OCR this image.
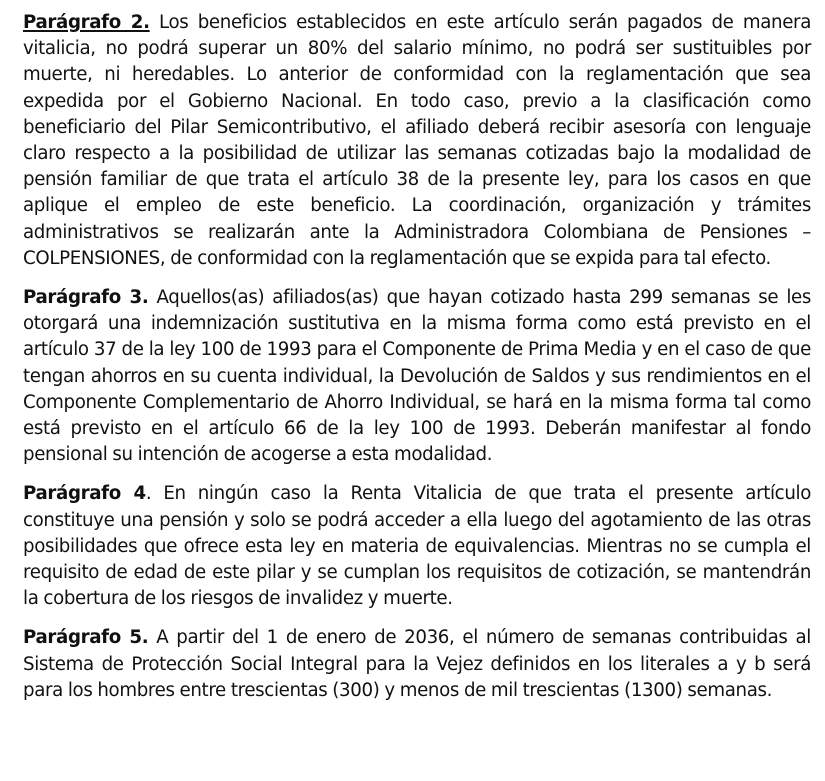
Parágrafo 2. Los beneficios establecidos en este artículo serán pagados de manera vitalicia, no podrá superar un 80% del salario mínimo, no podrá ser sustituibles por muerte, ni heredables. Lo anterior de conformidad con la reglamentación que sea expedida por el Gobierno Nacional. En todo caso, previo a la clasificación como beneficiario del Pilar Semicontributivo, el afiliado deberá recibir asesoría con lenguaje claro respecto a la posibilidad de utilizar las semanas cotizadas bajo la modalidad de pensión familiar de que trata el artículo 38 de la presente ley, para los casos en que aplique el empleo de este beneficio. La coordinación, organización y trámites administrativos se realizarán ante la Administradora Colombiana de Pensiones – COLPENSIONES, de conformidad con la reglamentación que se expida para tal efecto.

Parágrafo 3. Aquellos(as) afiliados(as) que hayan cotizado hasta 299 semanas se les otorgará una indemnización sustitutiva en la misma forma como está previsto en el artículo 37 de la ley 100 de 1993 para el Componente de Prima Media y en el caso de que tengan ahorros en su cuenta individual, la Devolución de Saldos y sus rendimientos en el Componente Complementario de Ahorro Individual, se hará en la misma forma tal como está previsto en el artículo 66 de la ley 100 de 1993. Deberán manifestar al fondo pensional su intención de acogerse a esta modalidad.

Parágrafo 4. En ningún caso la Renta Vitalicia de que trata el presente artículo constituye una pensión y solo se podrá acceder a ella luego del agotamiento de las otras posibilidades que ofrece esta ley en materia de equivalencias. Mientras no se cumpla el requisito de edad de este pilar y se cumplan los requisitos de cotización, se mantendrán la cobertura de los riesgos de invalidez y muerte.

Parágrafo 5. A partir del 1 de enero de 2036, el número de semanas contribuidas al Sistema de Protección Social Integral para la Vejez definidos en los literales a y b será para los hombres entre trescientas (300) y menos de mil trescientas (1300) semanas.
